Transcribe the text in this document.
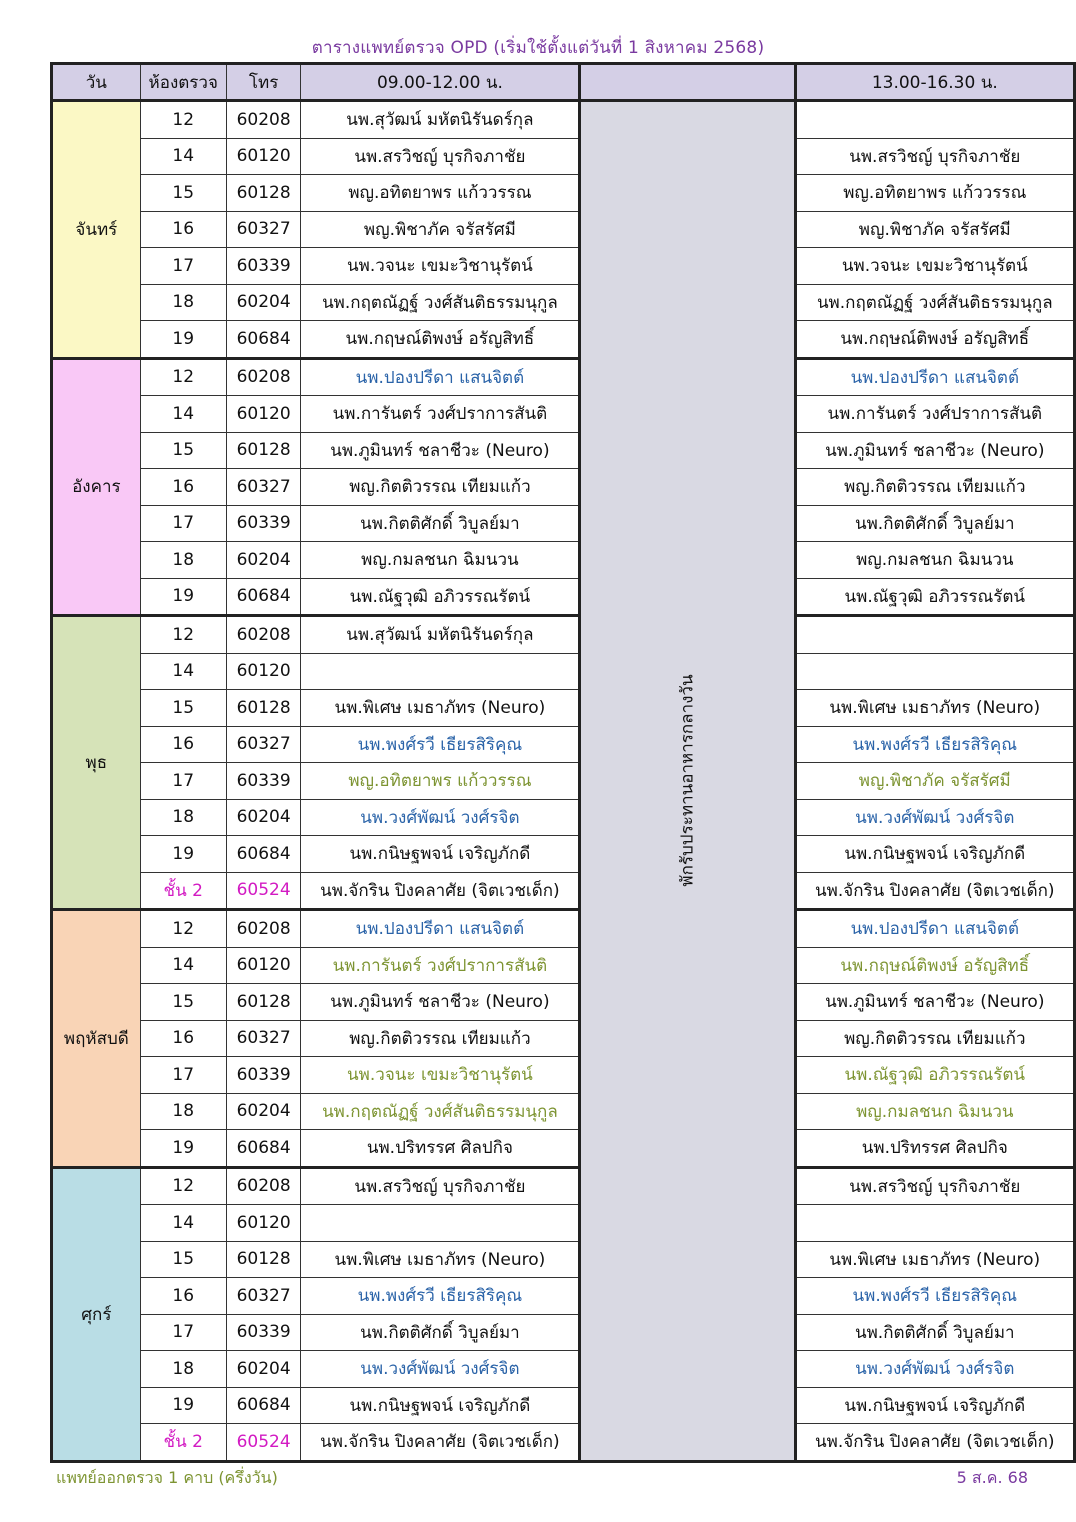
ตารางแพทย์ตรวจ OPD (เริ่มใช้ตั้งแต่วันที่ 1 สิงหาคม 2568)
วัน	ห้องตรวจ	โทร	09.00-12.00 น.		13.00-16.30 น.
จันทร์	12	60208	นพ.สุวัฒน์ มหัตนิรันดร์กุล	พักรับประทานอาหารกลางวัน	
	14	60120	นพ.สรวิชญ์ บุรกิจภาชัย		นพ.สรวิชญ์ บุรกิจภาชัย
	15	60128	พญ.อทิตยาพร แก้ววรรณ		พญ.อทิตยาพร แก้ววรรณ
	16	60327	พญ.พิชาภัค จรัสรัศมี		พญ.พิชาภัค จรัสรัศมี
	17	60339	นพ.วจนะ เขมะวิชานุรัตน์		นพ.วจนะ เขมะวิชานุรัตน์
	18	60204	นพ.กฤตณัฏฐ์ วงศ์สันติธรรมนุกูล		นพ.กฤตณัฏฐ์ วงศ์สันติธรรมนุกูล
	19	60684	นพ.กฤษณ์ติพงษ์ อรัญสิทธิ์		นพ.กฤษณ์ติพงษ์ อรัญสิทธิ์
อังคาร	12	60208	นพ.ปองปรีดา แสนจิตต์		นพ.ปองปรีดา แสนจิตต์
	14	60120	นพ.การันตร์ วงศ์ปราการสันติ		นพ.การันตร์ วงศ์ปราการสันติ
	15	60128	นพ.ภูมินทร์ ชลาชีวะ (Neuro)		นพ.ภูมินทร์ ชลาชีวะ (Neuro)
	16	60327	พญ.กิตติวรรณ เทียมแก้ว		พญ.กิตติวรรณ เทียมแก้ว
	17	60339	นพ.กิตติศักดิ์ วิบูลย์มา		นพ.กิตติศักดิ์ วิบูลย์มา
	18	60204	พญ.กมลชนก ฉิมนวน		พญ.กมลชนก ฉิมนวน
	19	60684	นพ.ณัฐวุฒิ อภิวรรณรัตน์		นพ.ณัฐวุฒิ อภิวรรณรัตน์
พุธ	12	60208	นพ.สุวัฒน์ มหัตนิรันดร์กุล		
	14	60120			
	15	60128	นพ.พิเศษ เมธาภัทร (Neuro)		นพ.พิเศษ เมธาภัทร (Neuro)
	16	60327	นพ.พงศ์รวี เธียรสิริคุณ		นพ.พงศ์รวี เธียรสิริคุณ
	17	60339	พญ.อทิตยาพร แก้ววรรณ		พญ.พิชาภัค จรัสรัศมี
	18	60204	นพ.วงศ์พัฒน์ วงศ์รจิต		นพ.วงศ์พัฒน์ วงศ์รจิต
	19	60684	นพ.กนิษฐพจน์ เจริญภักดี		นพ.กนิษฐพจน์ เจริญภักดี
	ชั้น 2	60524	นพ.จักริน ปิงคลาศัย (จิตเวชเด็ก)		นพ.จักริน ปิงคลาศัย (จิตเวชเด็ก)
พฤหัสบดี	12	60208	นพ.ปองปรีดา แสนจิตต์		นพ.ปองปรีดา แสนจิตต์
	14	60120	นพ.การันตร์ วงศ์ปราการสันติ		นพ.กฤษณ์ติพงษ์ อรัญสิทธิ์
	15	60128	นพ.ภูมินทร์ ชลาชีวะ (Neuro)		นพ.ภูมินทร์ ชลาชีวะ (Neuro)
	16	60327	พญ.กิตติวรรณ เทียมแก้ว		พญ.กิตติวรรณ เทียมแก้ว
	17	60339	นพ.วจนะ เขมะวิชานุรัตน์		นพ.ณัฐวุฒิ อภิวรรณรัตน์
	18	60204	นพ.กฤตณัฏฐ์ วงศ์สันติธรรมนุกูล		พญ.กมลชนก ฉิมนวน
	19	60684	นพ.ปริทรรศ ศิลปกิจ		นพ.ปริทรรศ ศิลปกิจ
ศุกร์	12	60208	นพ.สรวิชญ์ บุรกิจภาชัย		นพ.สรวิชญ์ บุรกิจภาชัย
	14	60120			
	15	60128	นพ.พิเศษ เมธาภัทร (Neuro)		นพ.พิเศษ เมธาภัทร (Neuro)
	16	60327	นพ.พงศ์รวี เธียรสิริคุณ		นพ.พงศ์รวี เธียรสิริคุณ
	17	60339	นพ.กิตติศักดิ์ วิบูลย์มา		นพ.กิตติศักดิ์ วิบูลย์มา
	18	60204	นพ.วงศ์พัฒน์ วงศ์รจิต		นพ.วงศ์พัฒน์ วงศ์รจิต
	19	60684	นพ.กนิษฐพจน์ เจริญภักดี		นพ.กนิษฐพจน์ เจริญภักดี
	ชั้น 2	60524	นพ.จักริน ปิงคลาศัย (จิตเวชเด็ก)		นพ.จักริน ปิงคลาศัย (จิตเวชเด็ก)
แพทย์ออกตรวจ 1 คาบ (ครึ่งวัน)	5 ส.ค. 68
